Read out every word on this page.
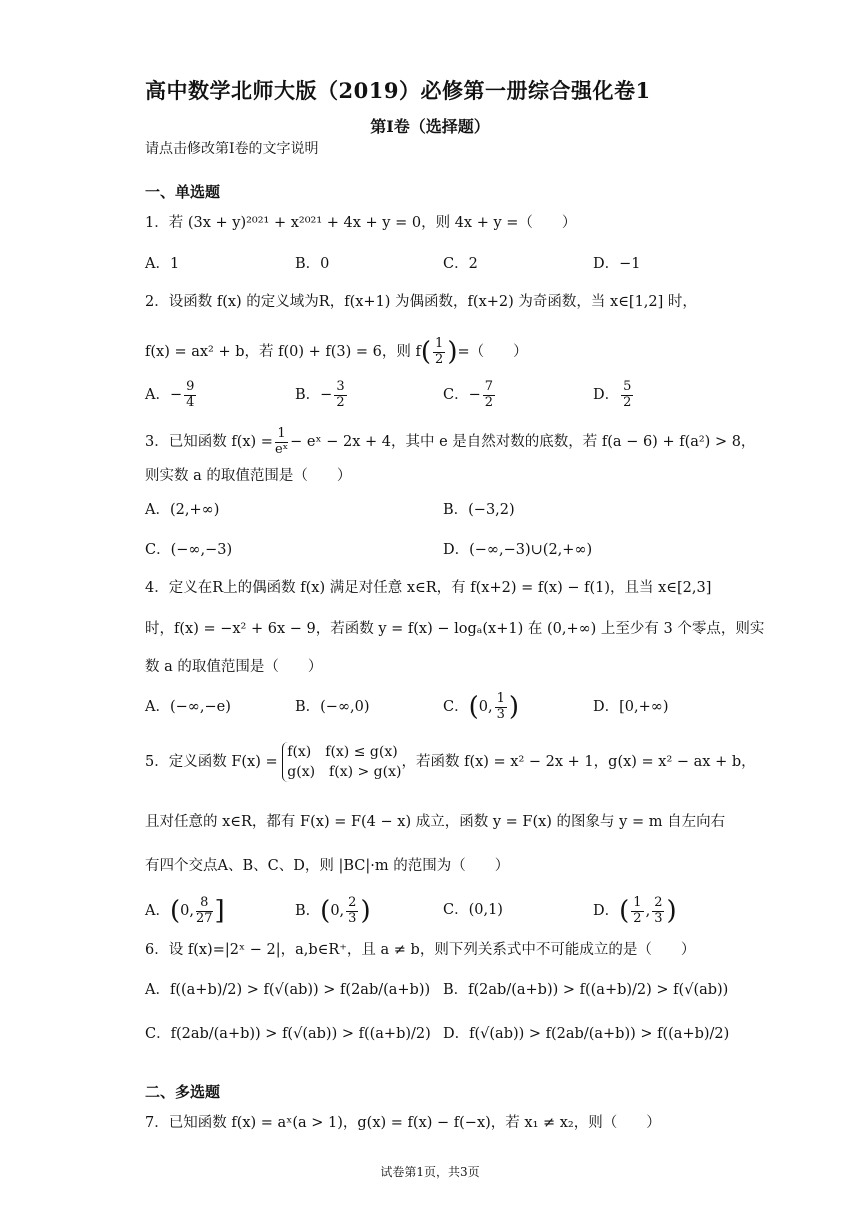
高中数学北师大版（2019）必修第一册综合强化卷1
第I卷（选择题）
请点击修改第I卷的文字说明
一、单选题
1．若 (3x + y)²⁰²¹ + x²⁰²¹ + 4x + y = 0，则 4x + y =（　　）
A．1	B．0	C．2	D．−1
2．设函数 f(x) 的定义域为R，f(x+1) 为偶函数，f(x+2) 为奇函数，当 x∈[1,2] 时，
f(x) = ax² + b，若 f(0) + f(3) = 6，则 $f( \frac{1}{2}$ )=（　　）
A．− $\frac{9}{4}$	B．− $\frac{3}{2}$	C．− $\frac{7}{2}$	D． $\frac{5}{2}$
3．已知函数 $f(x) = \frac{1}{\text{eˣ}}$ − eˣ − 2x + 4，其中 e 是自然对数的底数，若 f(a − 6) + f(a²) > 8，
则实数 a 的取值范围是（　　）
A．(2,+∞)	B．(−3,2)
C．(−∞,−3)	D．(−∞,−3)∪(2,+∞)
4．定义在R上的偶函数 f(x) 满足对任意 x∈R，有 f(x+2) = f(x) − f(1)，且当 x∈[2,3]
时，f(x) = −x² + 6x − 9，若函数 y = f(x) − logₐ(x+1) 在 (0,+∞) 上至少有 3 个零点，则实
数 a 的取值范围是（　　）
A．(−∞,−e)	B．(−∞,0)	C．(0, $\frac{1}{3}$ )	D．[0,+∞)
5．定义函数 F(x) =
f(x)　f(x) ≤ g(x)
g(x)　f(x) > g(x)
，若函数 f(x) = x² − 2x + 1，g(x) = x² − ax + b，
且对任意的 x∈R，都有 F(x) = F(4 − x) 成立，函数 y = F(x) 的图象与 y = m 自左向右
有四个交点A、B、C、D，则 |BC|·m 的范围为（　　）
A．(0, $\frac{8}{27}$ ]	B．(0, $\frac{2}{3}$ )	C．(0,1)	D．( $\frac{1}{2}$ , $\frac{2}{3}$ )
6．设 f(x)=|2ˣ − 2|，a,b∈R⁺，且 a ≠ b，则下列关系式中不可能成立的是（　　）
A．f((a+b)/2) > f(√(ab)) > f(2ab/(a+b)) B．f(2ab/(a+b)) > f((a+b)/2) > f(√(ab))
C．f(2ab/(a+b)) > f(√(ab)) > f((a+b)/2) D．f(√(ab)) > f(2ab/(a+b)) > f((a+b)/2)
二、多选题
7．已知函数 f(x) = aˣ(a > 1)，g(x) = f(x) − f(−x)，若 x₁ ≠ x₂，则（　　）
试卷第1页，共3页
